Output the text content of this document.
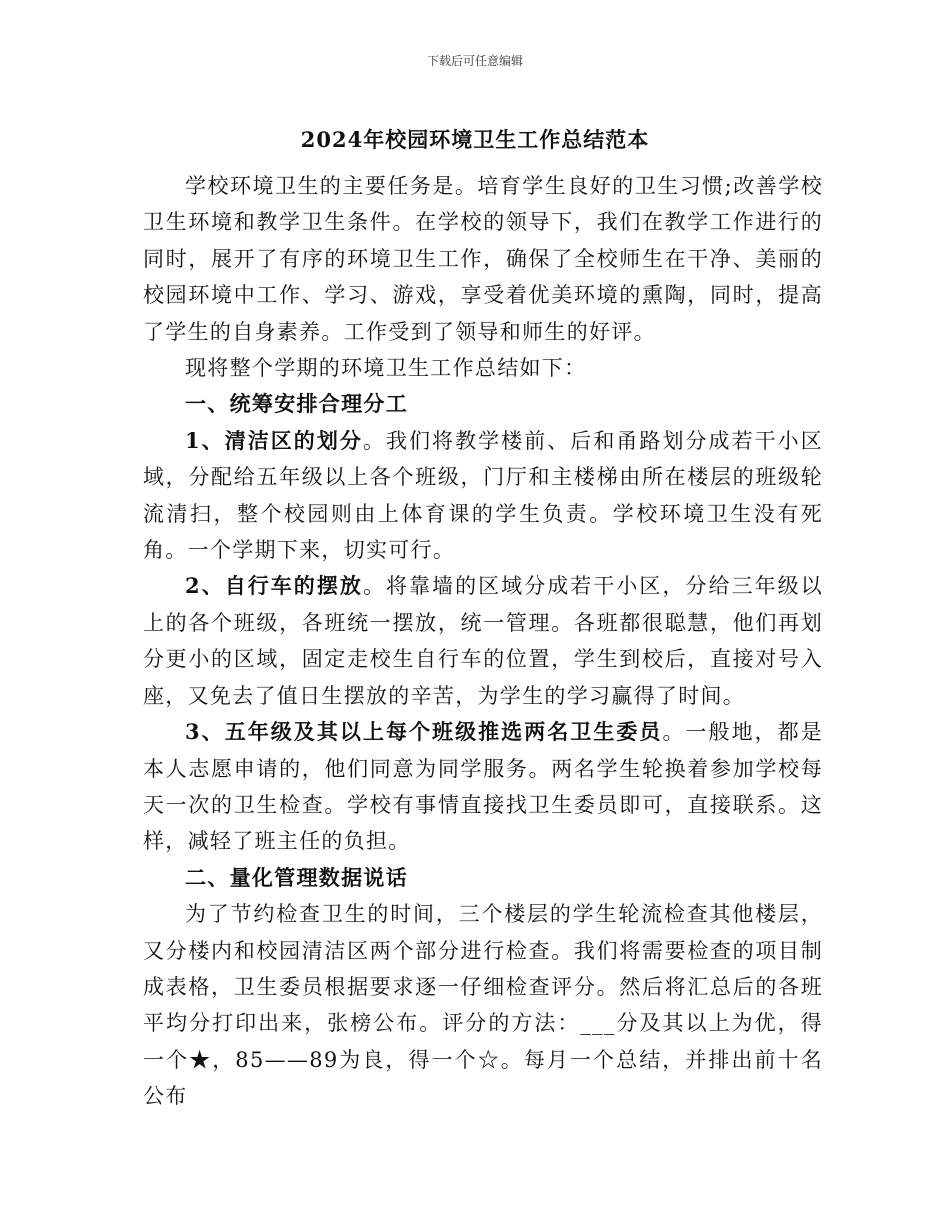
下载后可任意编辑
2024年校园环境卫生工作总结范本

学校环境卫生的主要任务是。培育学生良好的卫生习惯;改善学校卫生环境和教学卫生条件。在学校的领导下，我们在教学工作进行的同时，展开了有序的环境卫生工作，确保了全校师生在干净、美丽的校园环境中工作、学习、游戏，享受着优美环境的熏陶，同时，提高了学生的自身素养。工作受到了领导和师生的好评。

现将整个学期的环境卫生工作总结如下：

一、统筹安排合理分工

1、清洁区的划分。我们将教学楼前、后和甬路划分成若干小区域，分配给五年级以上各个班级，门厅和主楼梯由所在楼层的班级轮流清扫，整个校园则由上体育课的学生负责。学校环境卫生没有死角。一个学期下来，切实可行。

2、自行车的摆放。将靠墙的区域分成若干小区，分给三年级以上的各个班级，各班统一摆放，统一管理。各班都很聪慧，他们再划分更小的区域，固定走校生自行车的位置，学生到校后，直接对号入座，又免去了值日生摆放的辛苦，为学生的学习赢得了时间。

3、五年级及其以上每个班级推选两名卫生委员。一般地，都是本人志愿申请的，他们同意为同学服务。两名学生轮换着参加学校每天一次的卫生检查。学校有事情直接找卫生委员即可，直接联系。这样，减轻了班主任的负担。

二、量化管理数据说话

为了节约检查卫生的时间，三个楼层的学生轮流检查其他楼层，又分楼内和校园清洁区两个部分进行检查。我们将需要检查的项目制成表格，卫生委员根据要求逐一仔细检查评分。然后将汇总后的各班平均分打印出来，张榜公布。评分的方法：___分及其以上为优，得一个★，85——89为良，得一个☆。每月一个总结，并排出前十名公布
